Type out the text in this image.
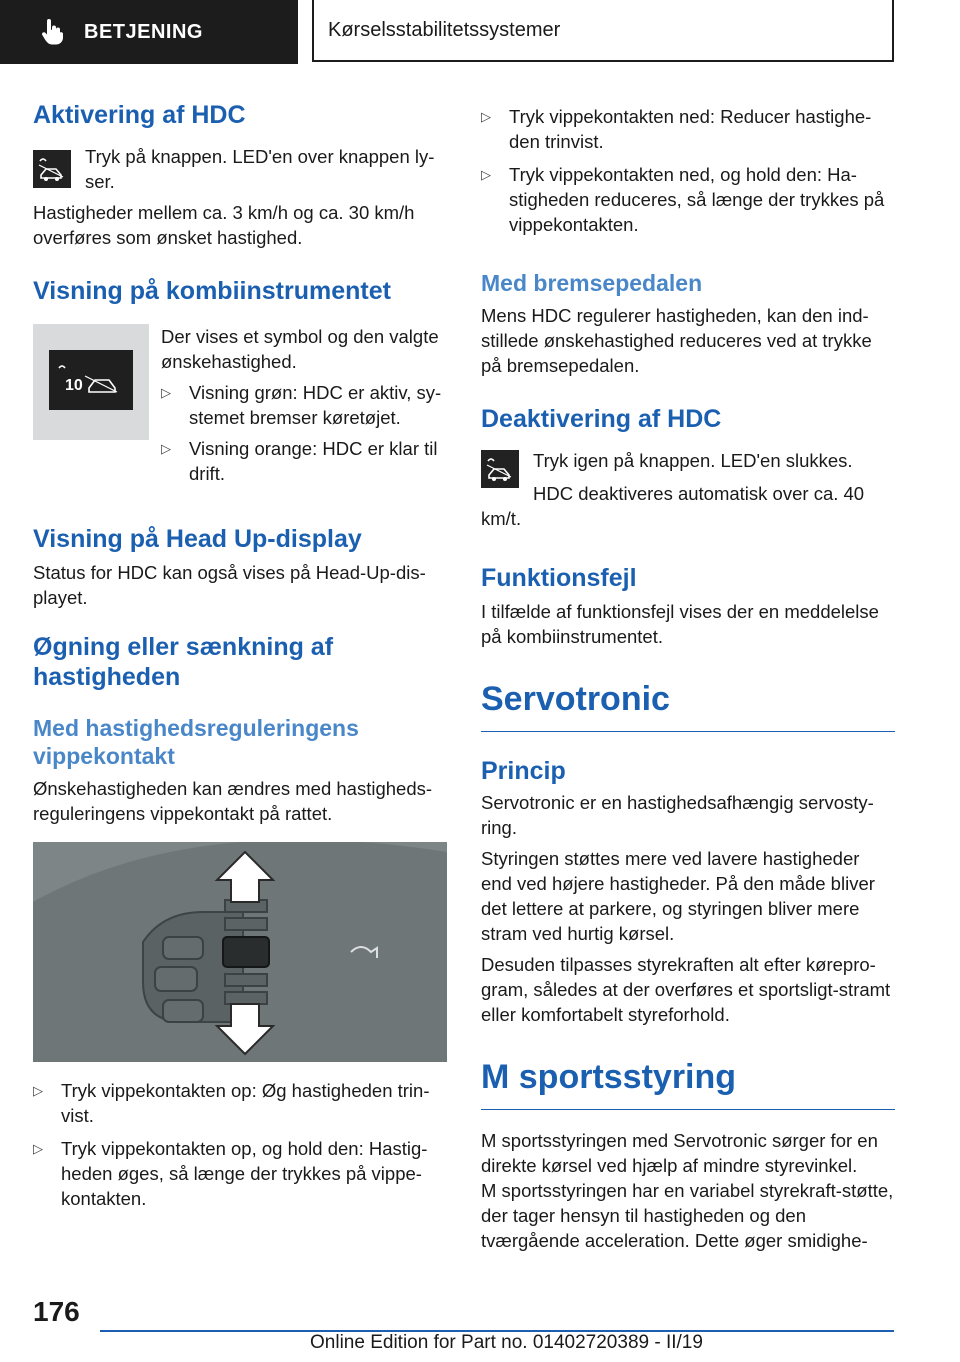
BETJENING	Kørselsstabilitetssystemer
Aktivering af HDC

Tryk på knappen. LED'en over knappen ly-ser.

Hastigheder mellem ca. 3 km/h og ca. 30 km/h overføres som ønsket hastighed.

Visning på kombiinstrumentet
10

Der vises et symbol og den valgte ønskehastighed.

▷ Visning grøn: HDC er aktiv, sy-stemet bremser køretøjet.

▷ Visning orange: HDC er klar til drift.

Visning på Head Up-display

Status for HDC kan også vises på Head-Up-dis-playet.

Øgning eller sænkning af hastigheden
Med hastighedsreguleringens vippekontakt

Ønskehastigheden kan ændres med hastigheds-reguleringens vippekontakt på rattet.

▷ Tryk vippekontakten op: Øg hastigheden trin-vist.

▷ Tryk vippekontakten op, og hold den: Hastig-heden øges, så længe der trykkes på vippe-kontakten.

▷ Tryk vippekontakten ned: Reducer hastighe-den trinvist.

▷ Tryk vippekontakten ned, og hold den: Ha-stigheden reduceres, så længe der trykkes på vippekontakten.

Med bremsepedalen

Mens HDC regulerer hastigheden, kan den ind-stillede ønskehastighed reduceres ved at trykke på bremsepedalen.

Deaktivering af HDC

Tryk igen på knappen. LED'en slukkes.

HDC deaktiveres automatisk over ca. 40 km/t.

Funktionsfejl

I tilfælde af funktionsfejl vises der en meddelelse på kombiinstrumentet.

Servotronic
Princip

Servotronic er en hastighedsafhængig servosty-ring.

Styringen støttes mere ved lavere hastigheder end ved højere hastigheder. På den måde bliver det lettere at parkere, og styringen bliver mere stram ved hurtig kørsel.

Desuden tilpasses styrekraften alt efter kørepro-gram, således at der overføres et sportsligt-stramt eller komfortabelt styreforhold.

M sportsstyring

M sportsstyringen med Servotronic sørger for en direkte kørsel ved hjælp af mindre styrevinkel.

M sportsstyringen har en variabel styrekraft-støtte, der tager hensyn til hastigheden og den tværgående acceleration. Dette øger smidighe-

176
Online Edition for Part no. 01402720389 - II/19
